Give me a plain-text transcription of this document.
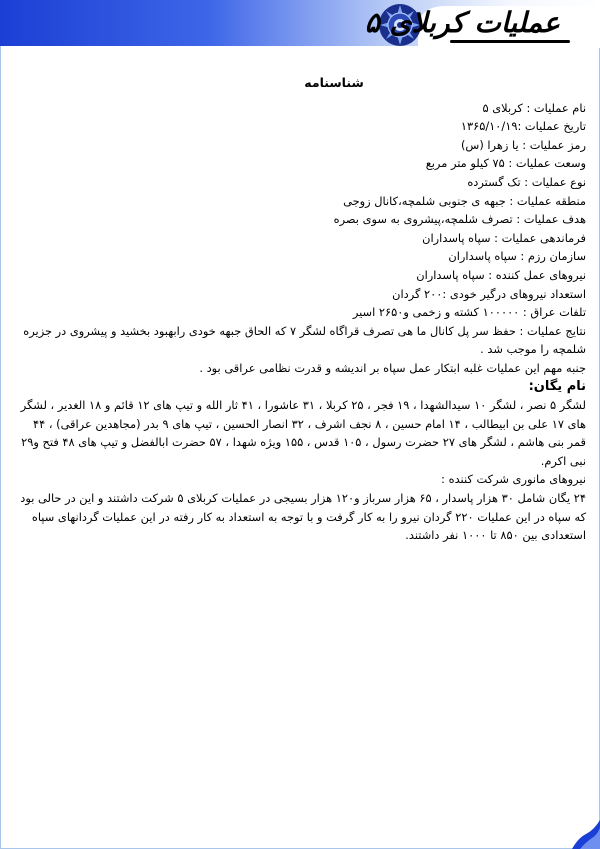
عملیات کربلای ۵
شناسنامه
نام عملیات : کربلای ۵
تاریخ عملیات :۱۳۶۵/۱۰/۱۹
رمز عملیات : یا زهرا (س)
وسعت عملیات : ۷۵ کیلو متر مربع
نوع عملیات : تک گسترده
منطقه عملیات : جبهه ی جنوبی شلمچه،کانال زوجی
هدف عملیات : تصرف شلمچه،پیشروی به سوی بصره
فرماندهی عملیات : سپاه پاسداران
سازمان رزم : سپاه پاسداران
نیروهای عمل کننده : سپاه پاسداران
استعداد نیروهای درگیر خودی :۲۰۰ گردان
تلفات عراق : ۱۰۰۰۰۰ کشته و زخمی و۲۶۵۰ اسیر
نتایج عملیات : حفظ سر پل کانال ما هی تصرف قراگاه لشگر ۷ که الحاق جبهه خودی رابهبود بخشید و پیشروی در جزیره شلمچه را موجب شد .
جنبه مهم این عملیات غلبه ابتکار عمل سپاه بر اندیشه و قدرت نظامی عراقی بود .
نام یگان:
لشگر ۵ نصر ، لشگر ۱۰ سیدالشهدا ، ۱۹ فجر ، ۲۵ کربلا ، ۳۱ عاشورا ، ۴۱ ثار الله و تیپ های ۱۲ قائم و ۱۸ الغدیر ، لشگر های ۱۷ علی بن ابیطالب ، ۱۴ امام حسین ، ۸ نجف اشرف ، ۳۲ انصار الحسین ، تیپ های ۹ بدر (مجاهدین عراقی) ، ۴۴ قمر بنی هاشم ، لشگر های ۲۷ حضرت رسول ، ۱۰۵ قدس ، ۱۵۵ ویژه شهدا ، ۵۷ حضرت ابالفضل و تیپ های ۴۸ فتح و۲۹ نبی اکرم.
نیروهای مانوری شرکت کننده :
۲۴ یگان شامل ۳۰ هزار پاسدار ، ۶۵ هزار سرباز و۱۲۰ هزار بسیجی در عملیات کربلای ۵ شرکت داشتند و این در حالی بود که سپاه در این عملیات ۲۲۰ گردان نیرو را به کار گرفت و با توجه به استعداد به کار رفته در این عملیات گردانهای سپاه استعدادی بین ۸۵۰ تا ۱۰۰۰ نفر داشتند.
